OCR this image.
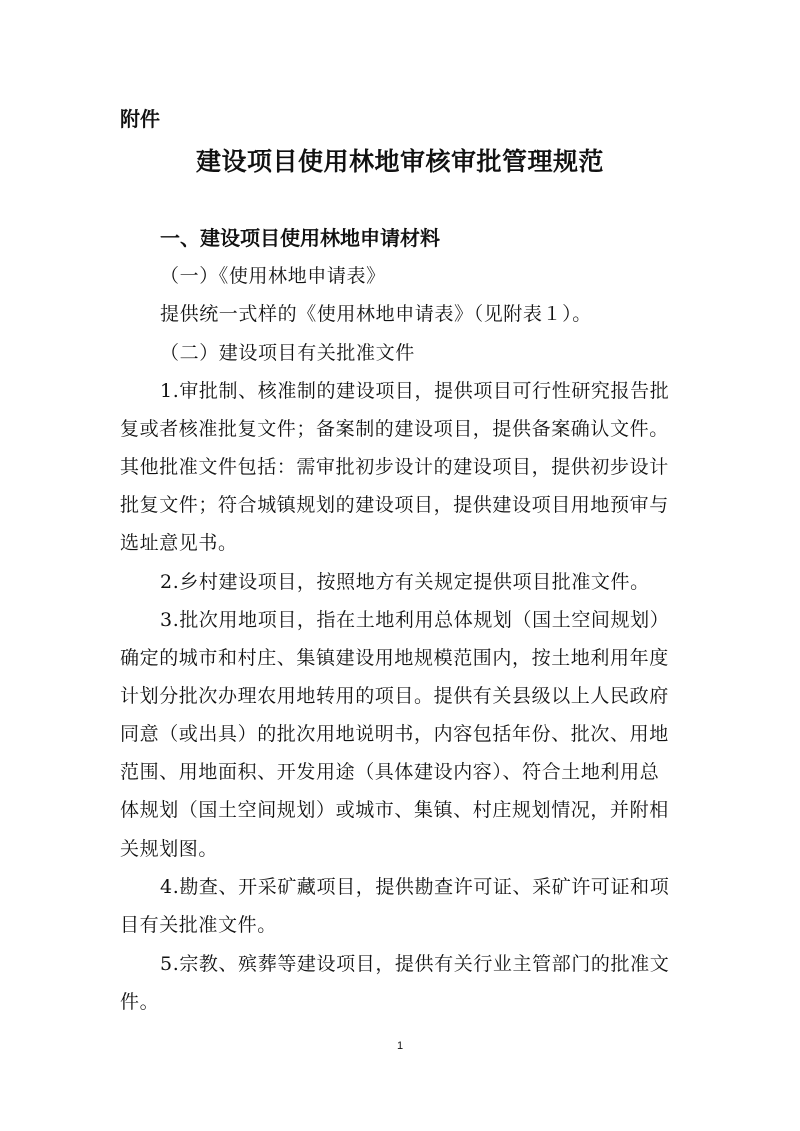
附件
建设项目使用林地审核审批管理规范
一、建设项目使用林地申请材料
（一）《使用林地申请表》
提供统一式样的《使用林地申请表》（见附表１）。
（二）建设项目有关批准文件
1.审批制、核准制的建设项目，提供项目可行性研究报告批
复或者核准批复文件；备案制的建设项目，提供备案确认文件。
其他批准文件包括：需审批初步设计的建设项目，提供初步设计
批复文件；符合城镇规划的建设项目，提供建设项目用地预审与
选址意见书。
2.乡村建设项目，按照地方有关规定提供项目批准文件。
3.批次用地项目，指在土地利用总体规划（国土空间规划）
确定的城市和村庄、集镇建设用地规模范围内，按土地利用年度
计划分批次办理农用地转用的项目。提供有关县级以上人民政府
同意（或出具）的批次用地说明书，内容包括年份、批次、用地
范围、用地面积、开发用途（具体建设内容）、符合土地利用总
体规划（国土空间规划）或城市、集镇、村庄规划情况，并附相
关规划图。
4.勘查、开采矿藏项目，提供勘查许可证、采矿许可证和项
目有关批准文件。
5.宗教、殡葬等建设项目，提供有关行业主管部门的批准文
件。
1
